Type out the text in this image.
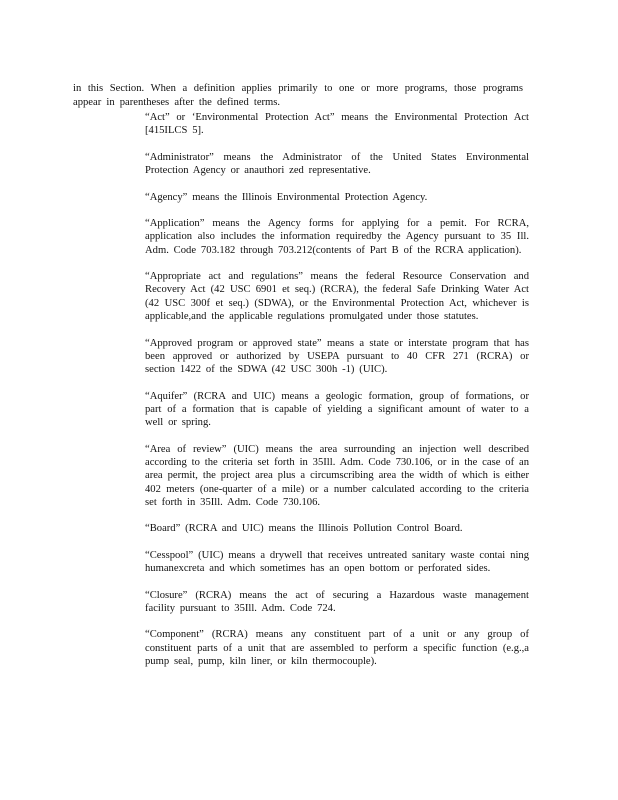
in this Section. When a definition applies primarily to one or more programs, those programs appear in parentheses after the defined terms.

“Act” or ‘Environmental Protection Act” means the Environmental Protection Act [415ILCS 5].
“Administrator” means the Administrator of the United States Environmental Protection Agency or anauthori zed representative.
“Agency” means the Illinois Environmental Protection Agency.
“Application” means the Agency forms for applying for a pemit. For RCRA, application also includes the information requiredby the Agency pursuant to 35 Ill. Adm. Code 703.182 through 703.212(contents of Part B of the RCRA application).
“Appropriate act and regulations” means the federal Resource Conservation and Recovery Act (42 USC 6901 et seq.) (RCRA), the federal Safe Drinking Water Act (42 USC 300f et seq.) (SDWA), or the Environmental Protection Act, whichever is applicable,and the applicable regulations promulgated under those statutes.
“Approved program or approved state” means a state or interstate program that has been approved or authorized by USEPA pursuant to 40 CFR 271 (RCRA) or section 1422 of the SDWA (42 USC 300h -1) (UIC).
“Aquifer” (RCRA and UIC) means a geologic formation, group of formations, or part of a formation that is capable of yielding a significant amount of water to a well or spring.
“Area of review” (UIC) means the area surrounding an injection well described according to the criteria set forth in 35Ill. Adm. Code 730.106, or in the case of an area permit, the project area plus a circumscribing area the width of which is either 402 meters (one-quarter of a mile) or a number calculated according to the criteria set forth in 35Ill. Adm. Code 730.106.
“Board” (RCRA and UIC) means the Illinois Pollution Control Board.
“Cesspool” (UIC) means a drywell that receives untreated sanitary waste contai ning humanexcreta and which sometimes has an open bottom or perforated sides.
“Closure” (RCRA) means the act of securing a Hazardous waste management facility pursuant to 35Ill. Adm. Code 724.
“Component” (RCRA) means any constituent part of a unit or any group of constituent parts of a unit that are assembled to perform a specific function (e.g.,a pump seal, pump, kiln liner, or kiln thermocouple).
